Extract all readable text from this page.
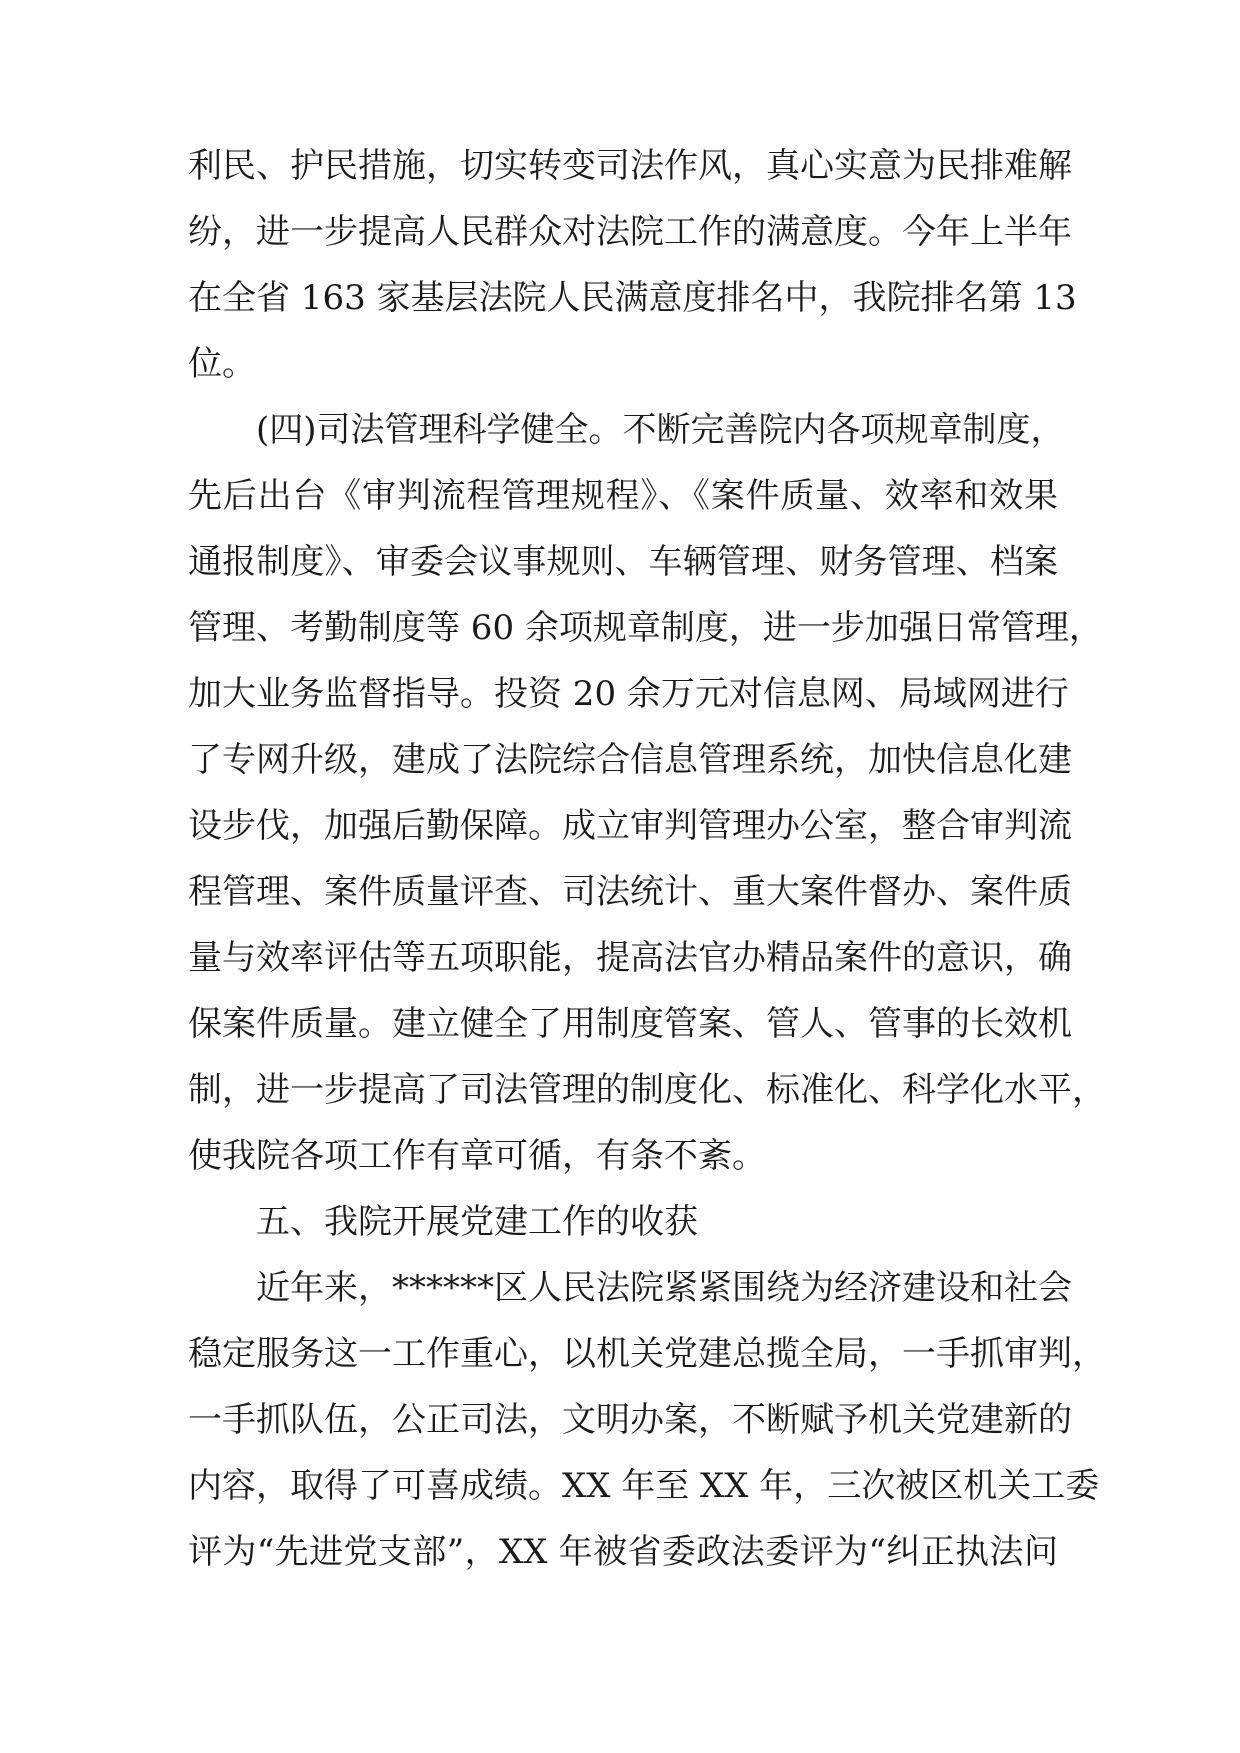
利民、护民措施，切实转变司法作风，真心实意为民排难解
纷，进一步提高人民群众对法院工作的满意度。今年上半年
在全省 163 家基层法院人民满意度排名中，我院排名第 13
位。
(四)司法管理科学健全。不断完善院内各项规章制度，
先后出台《审判流程管理规程》、《案件质量、效率和效果
通报制度》、审委会议事规则、车辆管理、财务管理、档案
管理、考勤制度等 60 余项规章制度，进一步加强日常管理，
加大业务监督指导。投资 20 余万元对信息网、局域网进行
了专网升级，建成了法院综合信息管理系统，加快信息化建
设步伐，加强后勤保障。成立审判管理办公室，整合审判流
程管理、案件质量评查、司法统计、重大案件督办、案件质
量与效率评估等五项职能，提高法官办精品案件的意识，确
保案件质量。建立健全了用制度管案、管人、管事的长效机
制，进一步提高了司法管理的制度化、标准化、科学化水平，
使我院各项工作有章可循，有条不紊。
五、我院开展党建工作的收获
近年来，******区人民法院紧紧围绕为经济建设和社会
稳定服务这一工作重心，以机关党建总揽全局，一手抓审判，
一手抓队伍，公正司法，文明办案，不断赋予机关党建新的
内容，取得了可喜成绩。XX 年至 XX 年，三次被区机关工委
评为“先进党支部”，XX 年被省委政法委评为“纠正执法问
